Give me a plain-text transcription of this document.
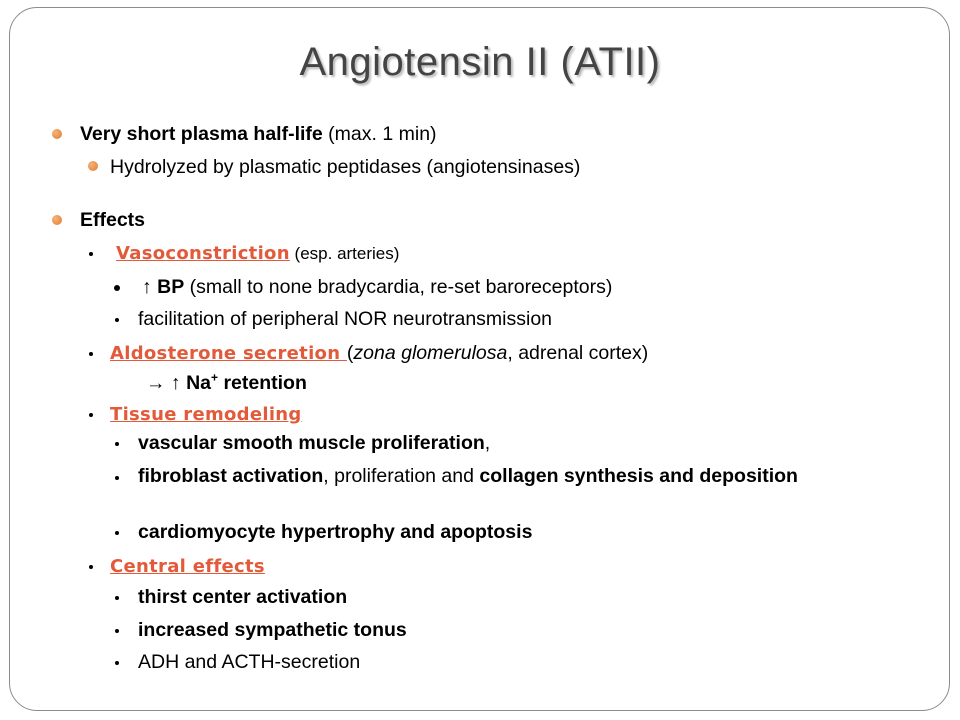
Angiotensin II (ATII)
Very short plasma half-life (max. 1 min)
Hydrolyzed by plasmatic peptidases (angiotensinases)
Effects
Vasoconstriction (esp. arteries)
↑ BP (small to none bradycardia, re-set baroreceptors)
facilitation of peripheral NOR neurotransmission
Aldosterone secretion (zona glomerulosa, adrenal cortex)
→ ↑ Na+ retention
Tissue remodeling
vascular smooth muscle proliferation,
fibroblast activation, proliferation and collagen synthesis and deposition
cardiomyocyte hypertrophy and apoptosis
Central effects
thirst center activation
increased sympathetic tonus
ADH and ACTH-secretion
